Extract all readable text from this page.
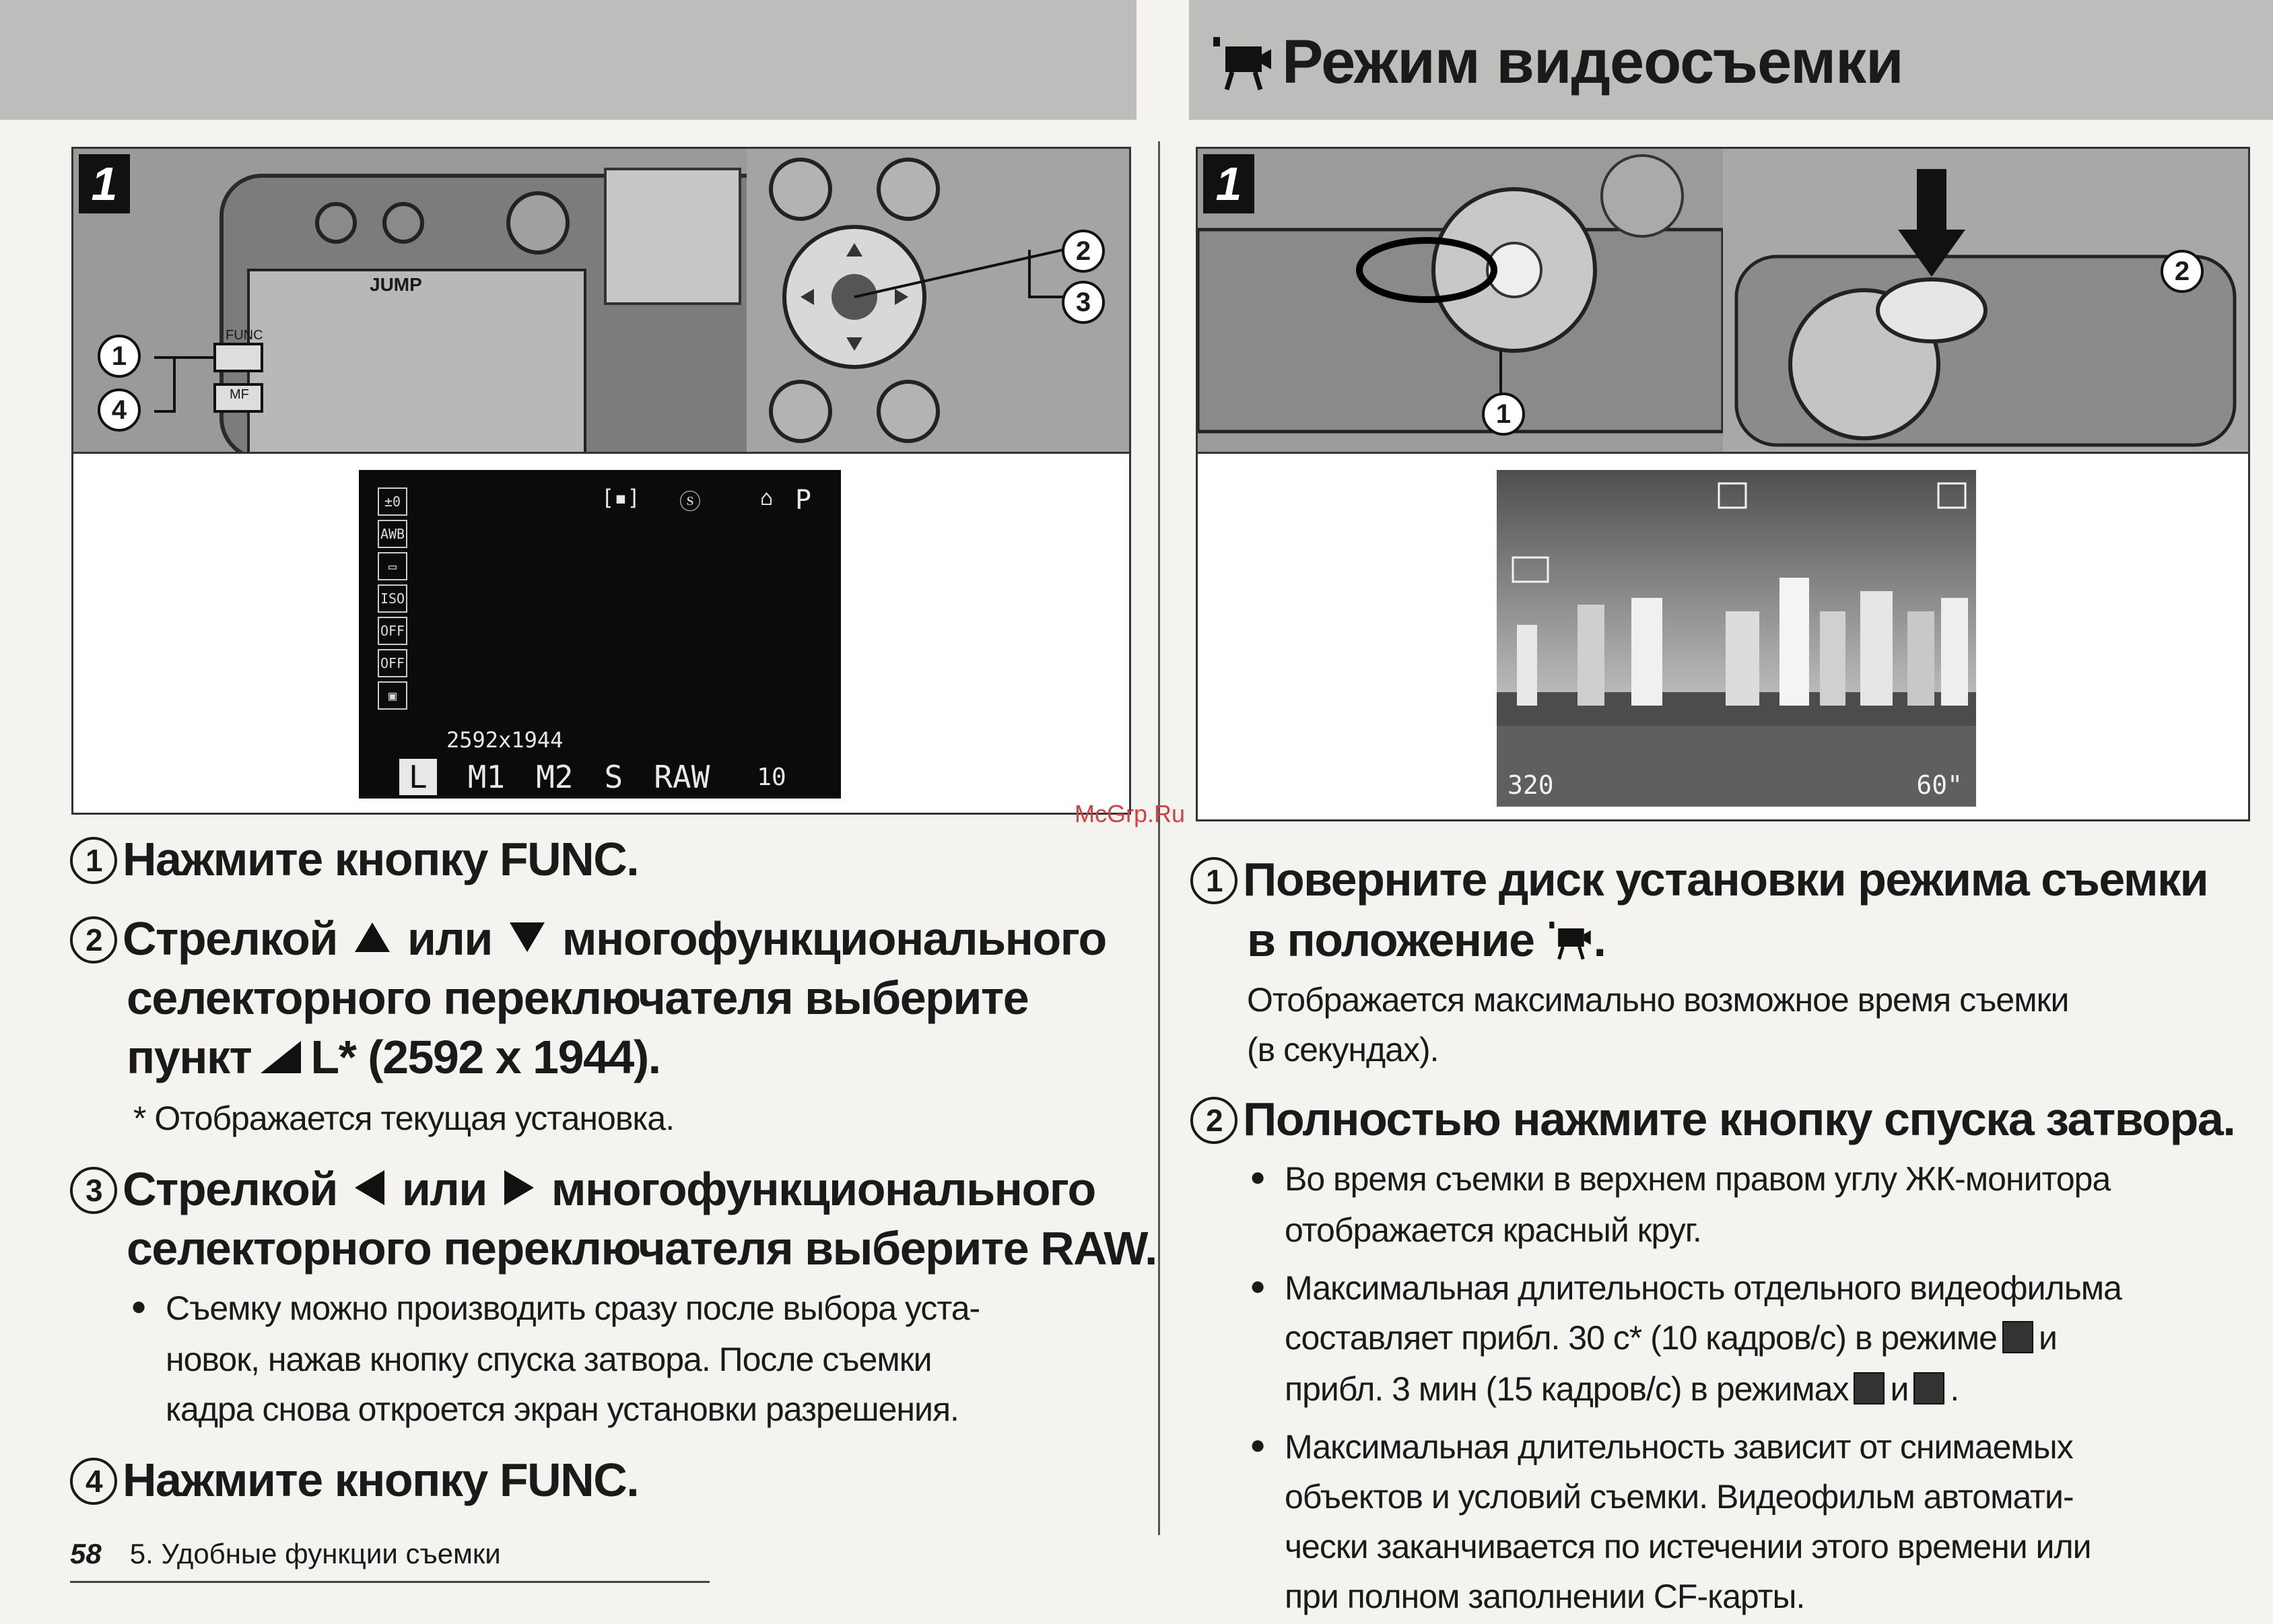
Режим видеосъемки
1
JUMP
FUNC
MF
1
4
2
3
±0
AWB
▭
ISO
OFF
OFF
▣
[▪] ⓢ	⌂ P
2592x1944
L	M1 M2 S RAW 10
1
1
2
320	60"
1 Нажмите кнопку FUNC.
2 Стрелкой или многофункционального
селекторного переключателя выберите
пункт L* (2592 x 1944).
* Отображается текущая установка.
3 Стрелкой или многофункционального
селекторного переключателя выберите RAW.
● Съемку можно производить сразу после выбора уста-
новок, нажав кнопку спуска затвора. После съемки
кадра снова откроется экран установки разрешения.
4 Нажмите кнопку FUNC.
McGrp.Ru
1 Поверните диск установки режима съемки
в положение .
Отображается максимально возможное время съемки
(в секундах).
2 Полностью нажмите кнопку спуска затвора.
● Во время съемки в верхнем правом углу ЖК-монитора
отображается красный круг.
● Максимальная длительность отдельного видеофильма
составляет прибл. 30 с* (10 кадров/с) в режиме и
прибл. 3 мин (15 кадров/с) в режимах и .
● Максимальная длительность зависит от снимаемых
объектов и условий съемки. Видеофильм автомати-
чески заканчивается по истечении этого времени или
при полном заполнении CF-карты.
58 5. Удобные функции съемки
